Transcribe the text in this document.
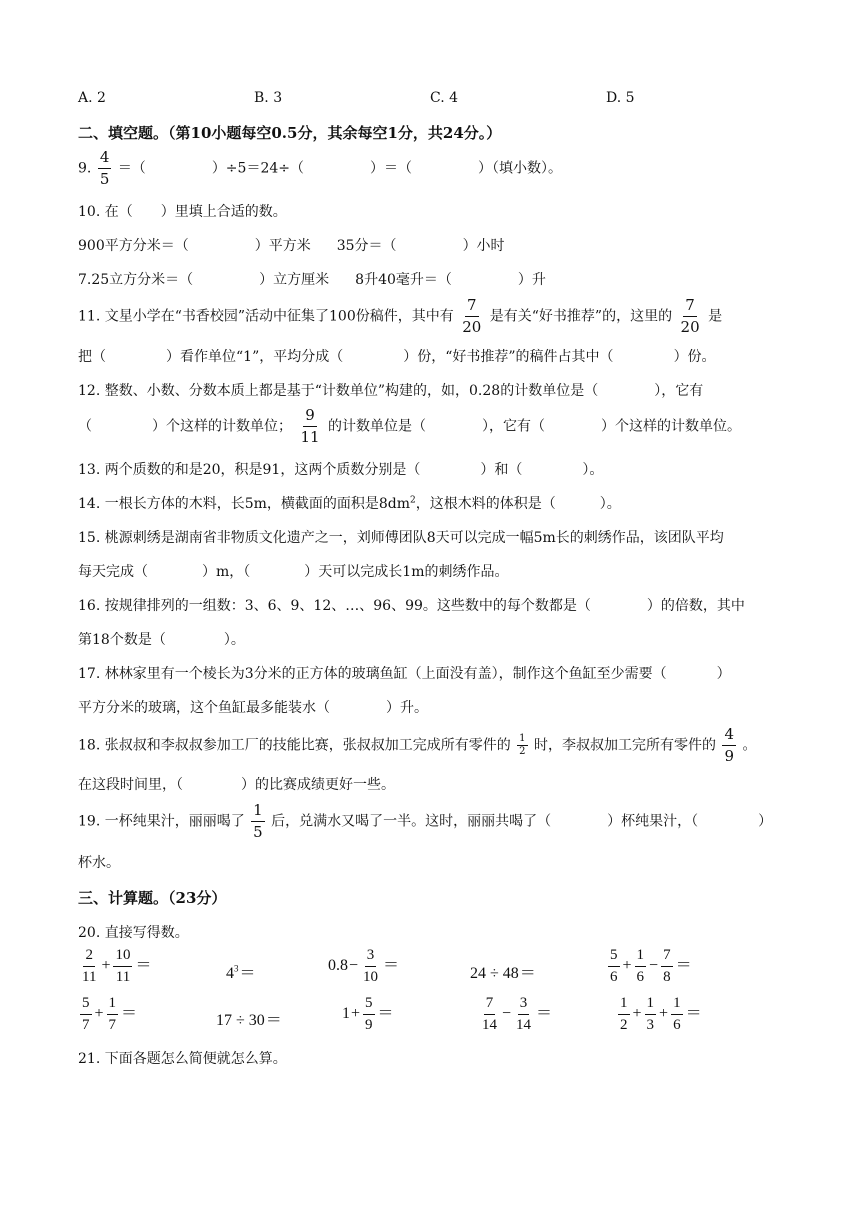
A. 2	B. 3	C. 4	D. 5
二、填空题。（第10小题每空0.5分，其余每空1分，共24分。）
9. $\frac{4}{5}$ ＝（	）÷5＝24÷（	）＝（	）（填小数）。
10. 在（　　）里填上合适的数。
900平方分米＝（	）平方米 35分＝（	）小时
7.25立方分米＝（	）立方厘米 8升40毫升＝（	）升
11. 文星小学在“书香校园”活动中征集了100份稿件，其中有 $\frac{7}{20}$ 是有关“好书推荐”的，这里的 $\frac{7}{20}$ 是
把（	）看作单位“1”，平均分成（	）份，“好书推荐”的稿件占其中（	）份。
12. 整数、小数、分数本质上都是基于“计数单位”构建的，如，0.28的计数单位是（	），它有
（	）个这样的计数单位； $\frac{9}{11}$ 的计数单位是（	），它有（	）个这样的计数单位。
13. 两个质数的和是20，积是91，这两个质数分别是（	）和（	）。
14. 一根长方体的木料，长5m，横截面的面积是$8dm^2$，这根木料的体积是（	）。
15. 桃源刺绣是湖南省非物质文化遗产之一，刘师傅团队8天可以完成一幅5m长的刺绣作品，该团队平均
每天完成（	）m，（	）天可以完成长1m的刺绣作品。
16. 按规律排列的一组数：3、6、9、12、…、96、99。这些数中的每个数都是（	）的倍数，其中
第18个数是（	）。
17. 林林家里有一个棱长为3分米的正方体的玻璃鱼缸（上面没有盖），制作这个鱼缸至少需要（	）
平方分米的玻璃，这个鱼缸最多能装水（	）升。
18. 张叔叔和李叔叔参加工厂的技能比赛，张叔叔加工完成所有零件的 $\frac{1}{2}$ 时，李叔叔加工完所有零件的 $\frac{4}{9}$ 。
在这段时间里，（	）的比赛成绩更好一些。
19. 一杯纯果汁，丽丽喝了 $\frac{1}{5}$ 后，兑满水又喝了一半。这时，丽丽共喝了（	）杯纯果汁，（	）
杯水。
三、计算题。（23分）
20. 直接写得数。
$\frac{2}{11} + \frac{10}{11}$ ＝	$4^3=$	$0.8- \frac{3}{10}$ ＝	24 ÷ 48＝	$\frac{5}{6} + \frac{1}{6} - \frac{7}{8}$ ＝
$\frac{5}{7} + \frac{1}{7}$ ＝	17 ÷ 30＝	$1+ \frac{5}{9}$ ＝	$\frac{7}{14} - \frac{3}{14}$ ＝	$\frac{1}{2} + \frac{1}{3} + \frac{1}{6}$ ＝
21. 下面各题怎么简便就怎么算。
